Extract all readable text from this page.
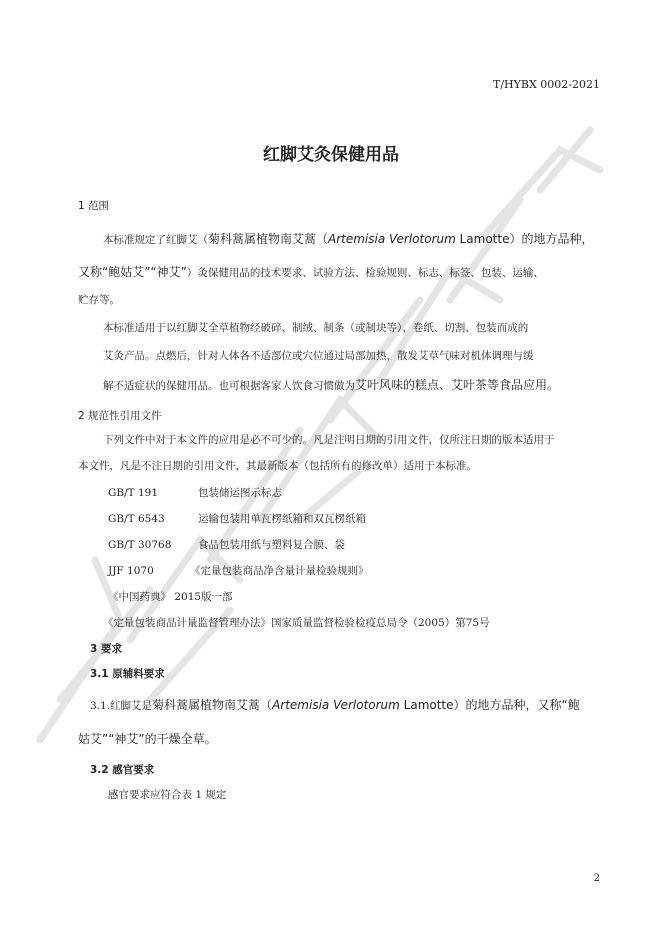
T/HYBX 0002-2021
红脚艾灸保健用品
1 范围
本标准规定了红脚艾（菊科蒿属植物南艾蒿（Artemisia Verlotorum Lamotte）的地方品种，
又称“鲍姑艾”“神艾”）灸保健用品的技术要求、试验方法、检验规则、标志、标签、包装、运输、
贮存等。
本标准适用于以红脚艾全草植物经破碎、制绒、制条（或制块等）、卷纸、切割、包装而成的
艾灸产品。点燃后，针对人体各不适部位或穴位通过局部加热，散发艾草气味对机体调理与缓
解不适症状的保健用品。也可根据客家人饮食习惯做为艾叶风味的糕点、艾叶茶等食品应用。
2 规范性引用文件
下列文件中对于本文件的应用是必不可少的。凡是注明日期的引用文件，仅所注日期的版本适用于
本文件，凡是不注日期的引用文件，其最新版本（包括所有的修改单）适用于本标准。
GB/T 191	包装储运图示标志
GB/T 6543	运输包装用单瓦楞纸箱和双瓦楞纸箱
GB/T 30768	食品包装用纸与塑料复合膜、袋
JJF 1070	《定量包装商品净含量计量检验规则》
《中国药典》 2015版一部
《定量包装商品计量监督管理办法》国家质量监督检验检疫总局令（2005）第75号
3 要求
3.1 原辅料要求
3.1.红脚艾是菊科蒿属植物南艾蒿（Artemisia Verlotorum Lamotte）的地方品种，又称“鲍
姑艾”“神艾”的干燥全草。
3.2 感官要求
感官要求应符合表 1 规定
2
